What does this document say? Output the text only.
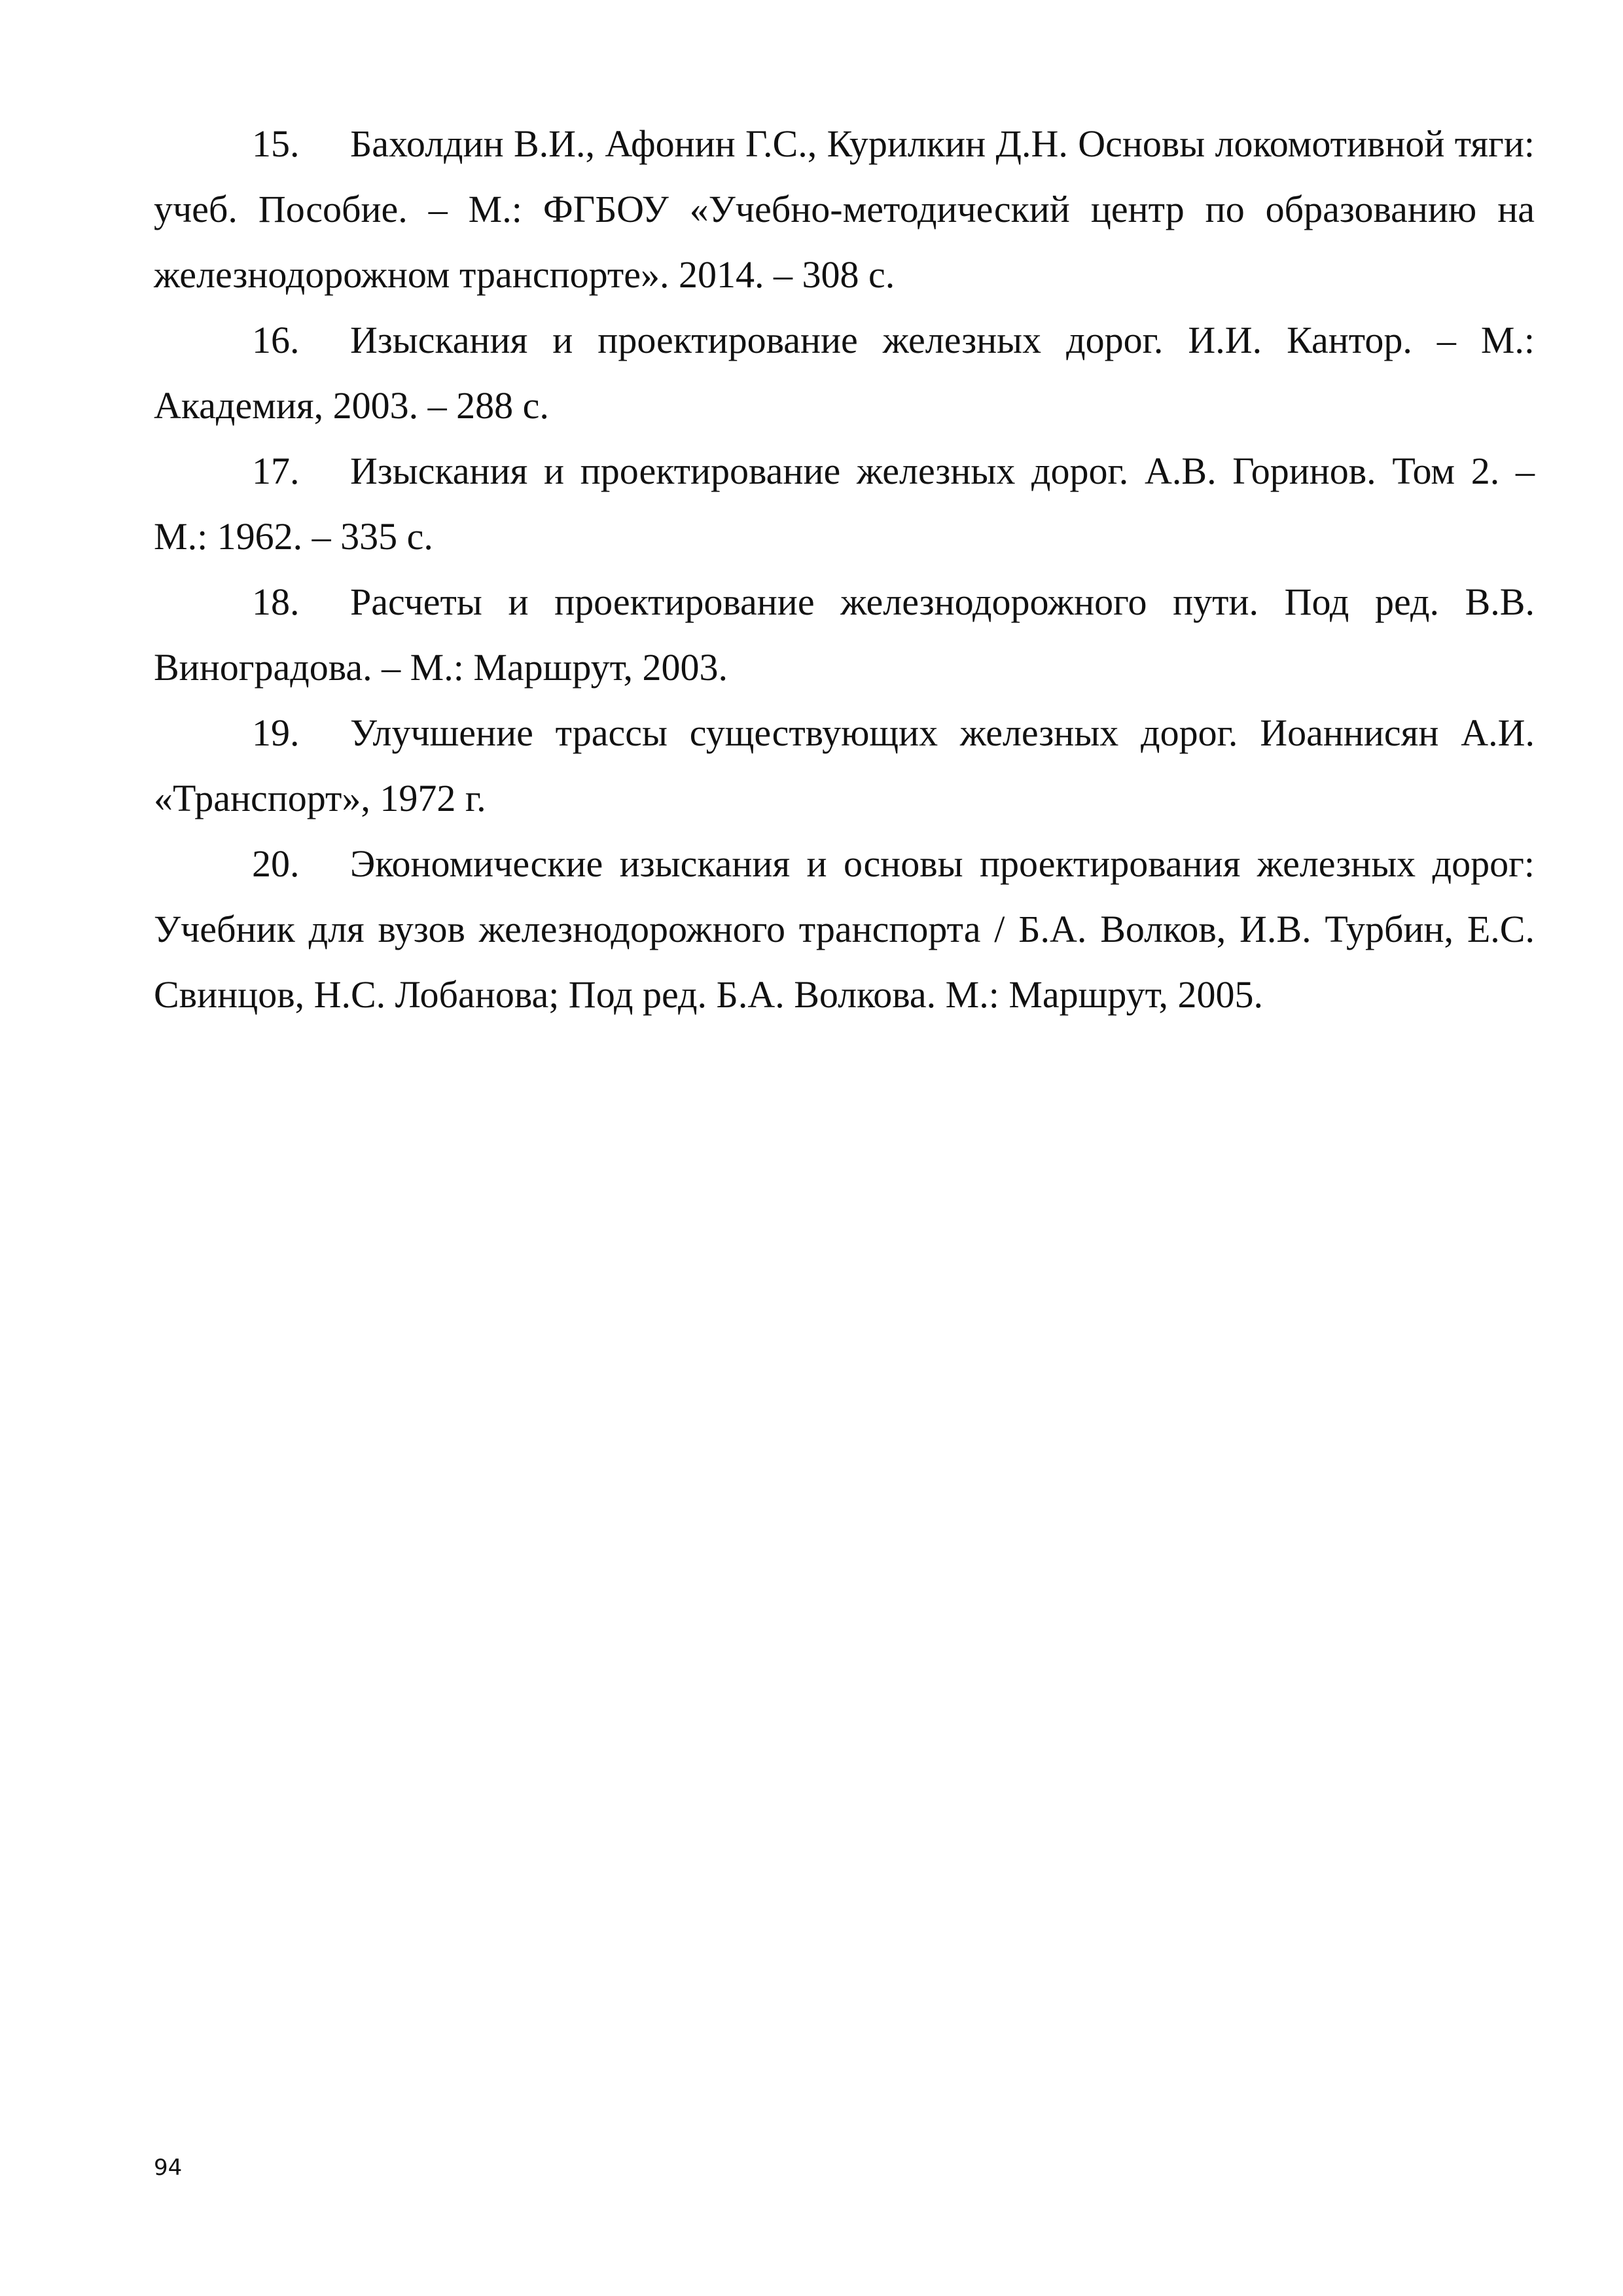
15. Бахолдин В.И., Афонин Г.С., Курилкин Д.Н. Основы локомотивной тяги: учеб. Пособие. – М.: ФГБОУ «Учебно-методический центр по образованию на железнодорожном транспорте». 2014. – 308 с.

16. Изыскания и проектирование железных дорог. И.И. Кантор. – М.: Академия, 2003. – 288 с.

17. Изыскания и проектирование железных дорог. А.В. Горинов. Том 2. – М.: 1962. – 335 с.

18. Расчеты и проектирование железнодорожного пути. Под ред. В.В. Виноградова. – М.: Маршрут, 2003.

19. Улучшение трассы существующих железных дорог. Иоаннисян А.И. «Транспорт», 1972 г.

20. Экономические изыскания и основы проектирования железных дорог: Учебник для вузов железнодорожного транспорта / Б.А. Волков, И.В. Турбин, Е.С. Свинцов, Н.С. Лобанова; Под ред. Б.А. Волкова. М.: Маршрут, 2005.

94
